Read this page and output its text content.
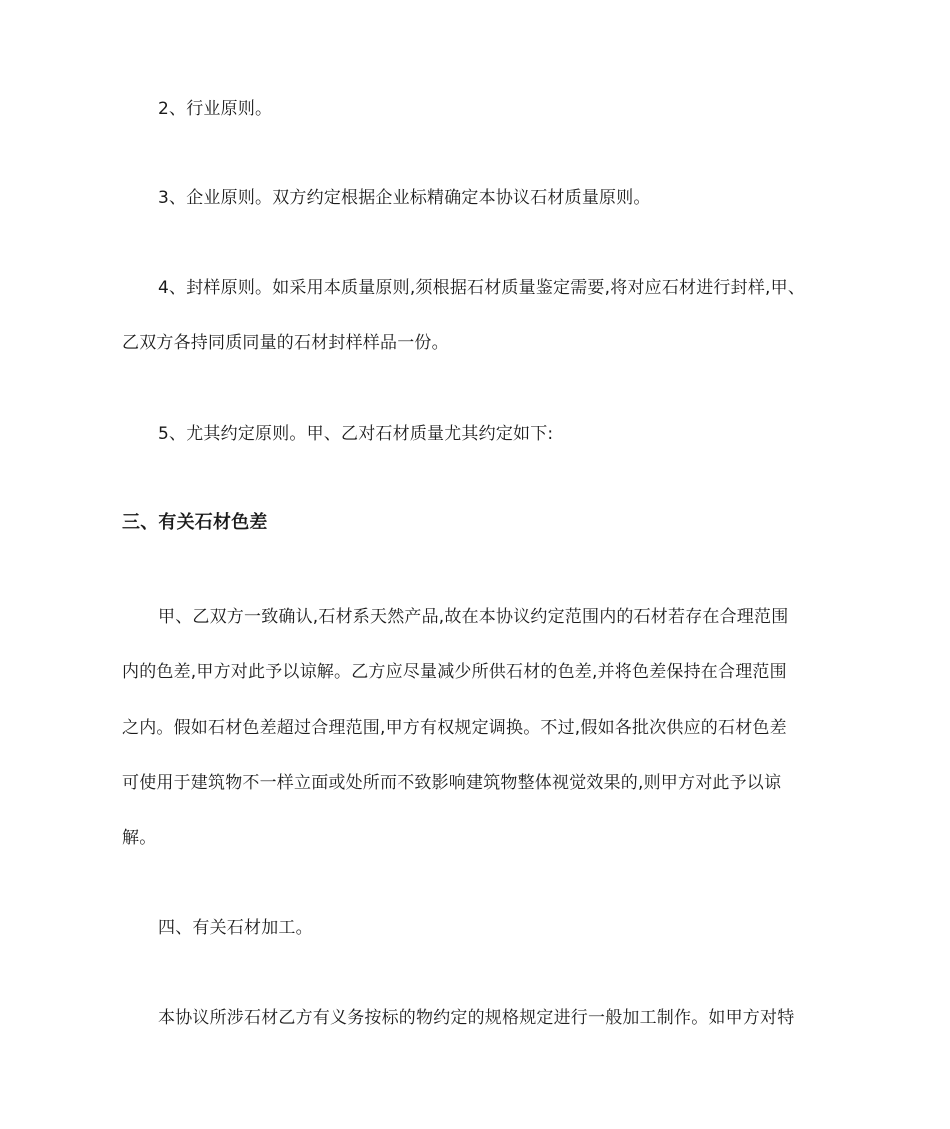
2、行业原则。
3、企业原则。双方约定根据企业标精确定本协议石材质量原则。
4、封样原则。如采用本质量原则,须根据石材质量鉴定需要,将对应石材进行封样,甲、
乙双方各持同质同量的石材封样样品一份。
5、尤其约定原则。甲、乙对石材质量尤其约定如下:
三、有关石材色差
甲、乙双方一致确认,石材系天然产品,故在本协议约定范围内的石材若存在合理范围
内的色差,甲方对此予以谅解。乙方应尽量减少所供石材的色差,并将色差保持在合理范围
之内。假如石材色差超过合理范围,甲方有权规定调换。不过,假如各批次供应的石材色差
可使用于建筑物不一样立面或处所而不致影响建筑物整体视觉效果的,则甲方对此予以谅
解。
四、有关石材加工。
本协议所涉石材乙方有义务按标的物约定的规格规定进行一般加工制作。如甲方对特
